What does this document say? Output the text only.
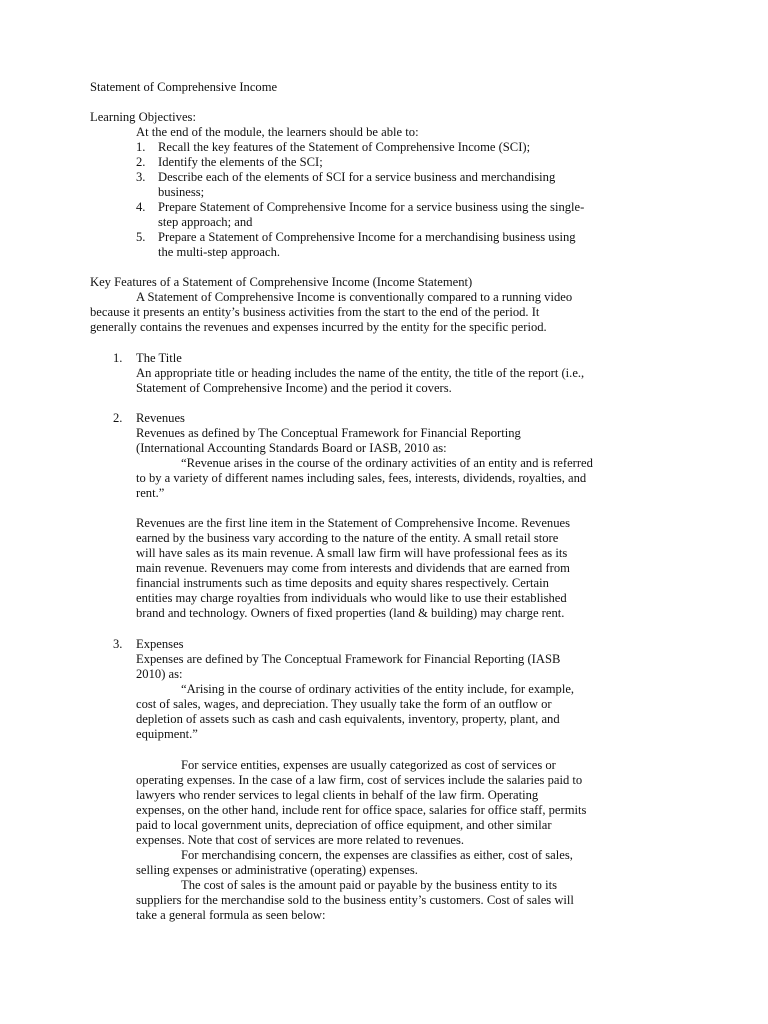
Statement of Comprehensive Income
Learning Objectives:
At the end of the module, the learners should be able to:
1. Recall the key features of the Statement of Comprehensive Income (SCI);
2. Identify the elements of the SCI;
3. Describe each of the elements of SCI for a service business and merchandising
business;
4. Prepare Statement of Comprehensive Income for a service business using the single-
step approach; and
5. Prepare a Statement of Comprehensive Income for a merchandising business using
the multi-step approach.
Key Features of a Statement of Comprehensive Income (Income Statement)
A Statement of Comprehensive Income is conventionally compared to a running video
because it presents an entity’s business activities from the start to the end of the period. It
generally contains the revenues and expenses incurred by the entity for the specific period.
1. The Title
An appropriate title or heading includes the name of the entity, the title of the report (i.e.,
Statement of Comprehensive Income) and the period it covers.
2. Revenues
Revenues as defined by The Conceptual Framework for Financial Reporting
(International Accounting Standards Board or IASB, 2010 as:
“Revenue arises in the course of the ordinary activities of an entity and is referred
to by a variety of different names including sales, fees, interests, dividends, royalties, and
rent.”
Revenues are the first line item in the Statement of Comprehensive Income. Revenues
earned by the business vary according to the nature of the entity. A small retail store
will have sales as its main revenue. A small law firm will have professional fees as its
main revenue. Revenuers may come from interests and dividends that are earned from
financial instruments such as time deposits and equity shares respectively. Certain
entities may charge royalties from individuals who would like to use their established
brand and technology. Owners of fixed properties (land & building) may charge rent.
3. Expenses
Expenses are defined by The Conceptual Framework for Financial Reporting (IASB
2010) as:
“Arising in the course of ordinary activities of the entity include, for example,
cost of sales, wages, and depreciation. They usually take the form of an outflow or
depletion of assets such as cash and cash equivalents, inventory, property, plant, and
equipment.”
For service entities, expenses are usually categorized as cost of services or
operating expenses. In the case of a law firm, cost of services include the salaries paid to
lawyers who render services to legal clients in behalf of the law firm. Operating
expenses, on the other hand, include rent for office space, salaries for office staff, permits
paid to local government units, depreciation of office equipment, and other similar
expenses. Note that cost of services are more related to revenues.
For merchandising concern, the expenses are classifies as either, cost of sales,
selling expenses or administrative (operating) expenses.
The cost of sales is the amount paid or payable by the business entity to its
suppliers for the merchandise sold to the business entity’s customers. Cost of sales will
take a general formula as seen below:
